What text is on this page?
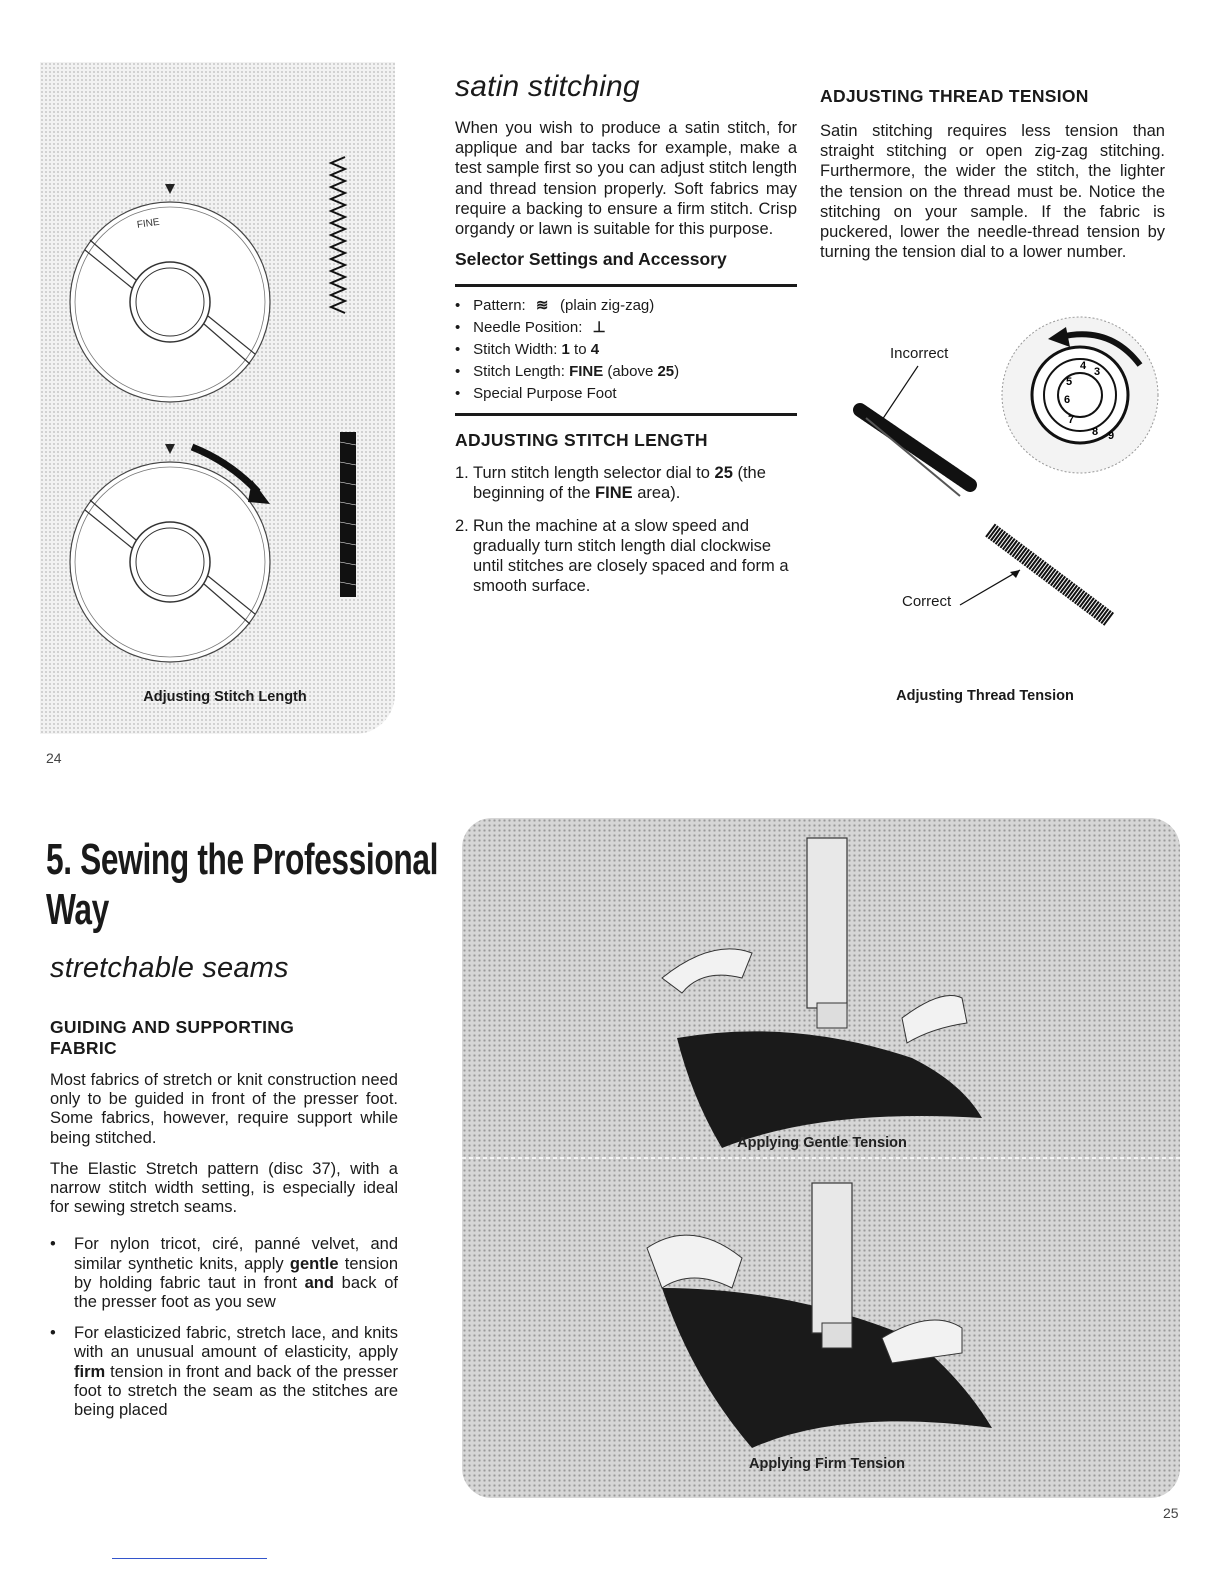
FINE
Adjusting Stitch Length
satin stitching

When you wish to produce a satin stitch, for applique and bar tacks for example, make a test sample first so you can adjust stitch length and thread tension properly. Soft fabrics may require a backing to ensure a firm stitch. Crisp organdy or lawn is suitable for this purpose.

Selector Settings and Accessory
• Pattern: ≋ (plain zig-zag)
• Needle Position: ⊥
• Stitch Width: 1 to 4
• Stitch Length: FINE (above 25)
• Special Purpose Foot
ADJUSTING STITCH LENGTH
1. Turn stitch length selector dial to 25 (the beginning of the FINE area).
2. Run the machine at a slow speed and gradually turn stitch length dial clockwise until stitches are closely spaced and form a smooth surface.
ADJUSTING THREAD TENSION

Satin stitching requires less tension than straight stitching or open zig-zag stitching. Furthermore, the wider the stitch, the lighter the tension on the thread must be. Notice the stitching on your sample. If the fabric is puckered, lower the needle-thread tension by turning the tension dial to a lower number.

4 3
5
6
7
8 9
Incorrect
Correct
Adjusting Thread Tension
24
5. Sewing the Professional
Way
stretchable seams
GUIDING AND SUPPORTING FABRIC

Most fabrics of stretch or knit construction need only to be guided in front of the presser foot. Some fabrics, however, require support while being stitched.

The Elastic Stretch pattern (disc 37), with a narrow stitch width setting, is especially ideal for sewing stretch seams.

•	For nylon tricot, ciré, panné velvet, and similar synthetic knits, apply gentle tension by holding fabric taut in front and back of the presser foot as you sew
•	For elasticized fabric, stretch lace, and knits with an unusual amount of elasticity, apply firm tension in front and back of the presser foot to stretch the seam as the stitches are being placed
Applying Gentle Tension
Applying Firm Tension
25
